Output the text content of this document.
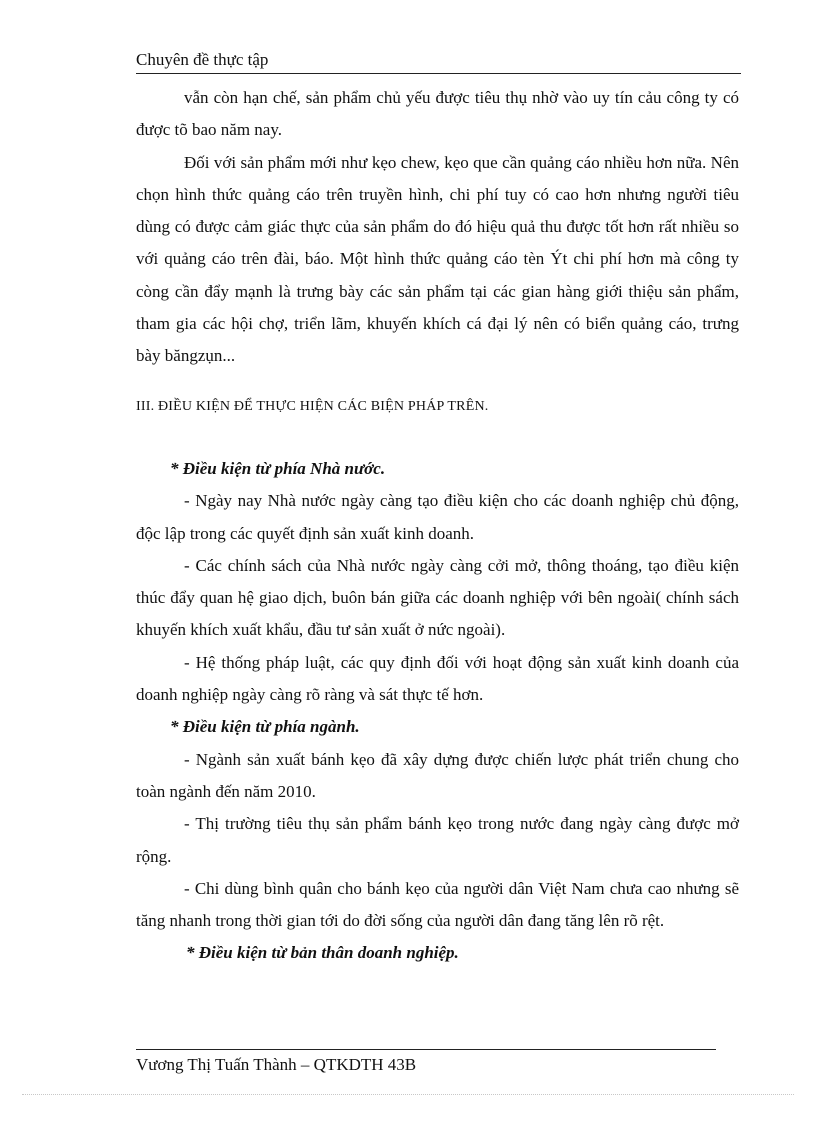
Chuyên đề thực tập

vẫn còn hạn chế, sản phẩm chủ yếu được tiêu thụ nhờ vào uy tín cảu công ty có được tõ bao năm nay.

Đối với sản phẩm mới như kẹo chew, kẹo que cần quảng cáo nhiều hơn nữa. Nên chọn hình thức quảng cáo trên truyền hình, chi phí tuy có cao hơn nhưng người tiêu dùng có được cảm giác thực của sản phẩm do đó hiệu quả thu được tốt hơn rất nhiều so với quảng cáo trên đài, báo. Một hình thức quảng cáo tèn Ýt chi phí hơn mà công ty còng cần đẩy mạnh là trưng bày các sản phẩm tại các gian hàng giới thiệu sản phẩm, tham gia các hội chợ, triển lãm, khuyến khích cá đại lý nên có biển quảng cáo, trưng bày băngzụn...

III. ĐIỀU KIỆN ĐỂ THỰC HIỆN CÁC BIỆN PHÁP TRÊN.

* Điều kiện từ phía Nhà nước.

- Ngày nay Nhà nước ngày càng tạo điều kiện cho các doanh nghiệp chủ động, độc lập trong các quyết định sản xuất kinh doanh.

- Các chính sách của Nhà nước ngày càng cởi mở, thông thoáng, tạo điều kiện thúc đẩy quan hệ giao dịch, buôn bán giữa các doanh nghiệp với bên ngoài( chính sách khuyến khích xuất khẩu, đầu tư sản xuất ở nức ngoài).

- Hệ thống pháp luật, các quy định đối với hoạt động sản xuất kinh doanh của doanh nghiệp ngày càng rõ ràng và sát thực tế hơn.

* Điều kiện từ phía ngành.

- Ngành sản xuất bánh kẹo đã xây dựng được chiến lược phát triển chung cho toàn ngành đến năm 2010.

- Thị trường tiêu thụ sản phẩm bánh kẹo trong nước đang ngày càng được mở rộng.

- Chi dùng bình quân cho bánh kẹo của người dân Việt Nam chưa cao nhưng sẽ tăng nhanh trong thời gian tới do đời sống của người dân đang tăng lên rõ rệt.

* Điều kiện từ bản thân doanh nghiệp.

Vương Thị Tuấn Thành – QTKDTH 43B
